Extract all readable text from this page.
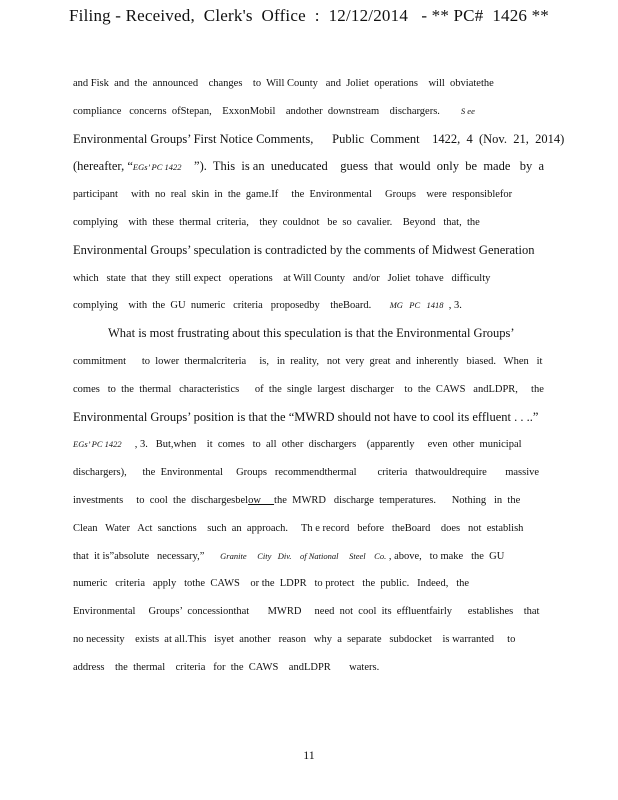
Filing - Received,  Clerk's  Office  :  12/12/2014   - ** PC#  1426 **
and Fisk  and  the  announced    changes    to  Will County   and  Joliet  operations    will  obviatethe
compliance   concerns  ofStepan,    ExxonMobil    andother  downstream    dischargers.        S ee
Environmental Groups’ First Notice Comments,      Public  Comment    1422,  4  (Nov.  21,  2014)
(hereafter, “EGs’ PC 1422    ”).  This  is an  uneducated    guess  that  would  only  be  made   by  a
participant     with  no  real  skin  in  the  game.If     the  Environmental     Groups    were  responsiblefor
complying    with  these  thermal  criteria,    they  couldnot   be  so  cavalier.    Beyond   that,  the
Environmental Groups’ speculation is contradicted by the comments of Midwest Generation
which   state  that  they  still expect   operations    at Will County   and/or   Joliet  tohave   difficulty
complying    with  the  GU  numeric   criteria   proposedby    theBoard.       MG   PC   1418  , 3.
What is most frustrating about this speculation is that the Environmental Groups’
commitment      to  lower  thermalcriteria     is,   in  reality,   not  very  great  and  inherently   biased.   When   it
comes   to  the  thermal   characteristics      of  the  single  largest  discharger    to  the  CAWS   andLDPR,     the
Environmental Groups’ position is that the “MWRD should not have to cool its effluent . . ..”
EGs’ PC 1422     , 3.   But,when    it  comes   to  all  other  dischargers    (apparently     even  other  municipal
dischargers),      the  Environmental     Groups   recommendthermal        criteria   thatwouldrequire       massive
investments     to  cool  the  dischargesbelow     the  MWRD   discharge  temperatures.      Nothing   in  the
Clean   Water   Act  sanctions    such  an  approach.     Th e record   before   theBoard    does   not  establish
that  it is”absolute   necessary,”      Granite     City   Div.    of National     Steel    Co. , above,   to make   the  GU
numeric   criteria   apply   tothe  CAWS    or the  LDPR   to protect   the  public.   Indeed,   the
Environmental     Groups’  concessionthat       MWRD     need  not  cool  its  effluentfairly      establishes    that
no necessity    exists  at all.This   isyet  another   reason   why  a  separate   subdocket    is warranted     to
address    the  thermal    criteria   for  the  CAWS    andLDPR       waters.
11
